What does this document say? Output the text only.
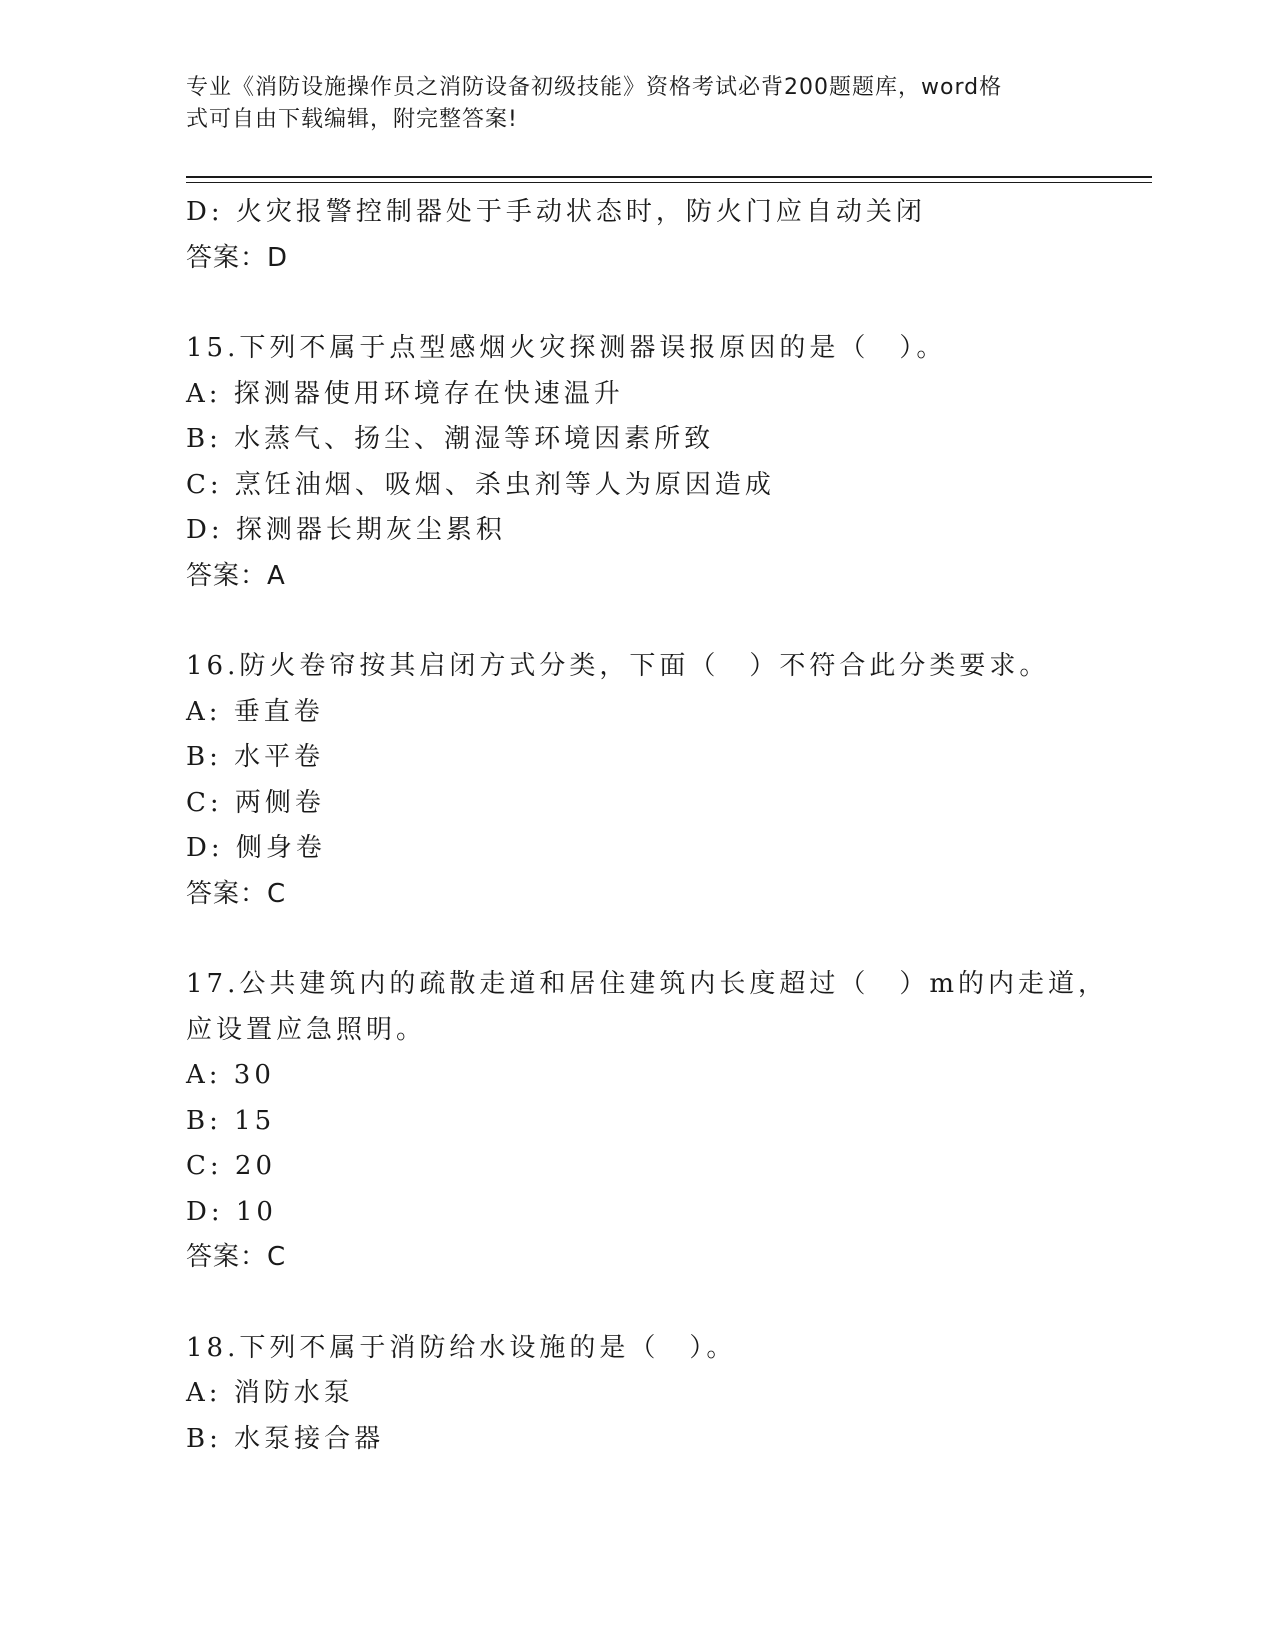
专业《消防设施操作员之消防设备初级技能》资格考试必背200题题库，word格
式可自由下载编辑，附完整答案!
D: 火灾报警控制器处于手动状态时，防火门应自动关闭
答案：D
15.下列不属于点型感烟火灾探测器误报原因的是（　）。
A: 探测器使用环境存在快速温升
B: 水蒸气、扬尘、潮湿等环境因素所致
C: 烹饪油烟、吸烟、杀虫剂等人为原因造成
D: 探测器长期灰尘累积
答案：A
16.防火卷帘按其启闭方式分类，下面（　）不符合此分类要求。
A: 垂直卷
B: 水平卷
C: 两侧卷
D: 侧身卷
答案：C
17.公共建筑内的疏散走道和居住建筑内长度超过（　）m的内走道，
应设置应急照明。
A: 30
B: 15
C: 20
D: 10
答案：C
18.下列不属于消防给水设施的是（　）。
A: 消防水泵
B: 水泵接合器
